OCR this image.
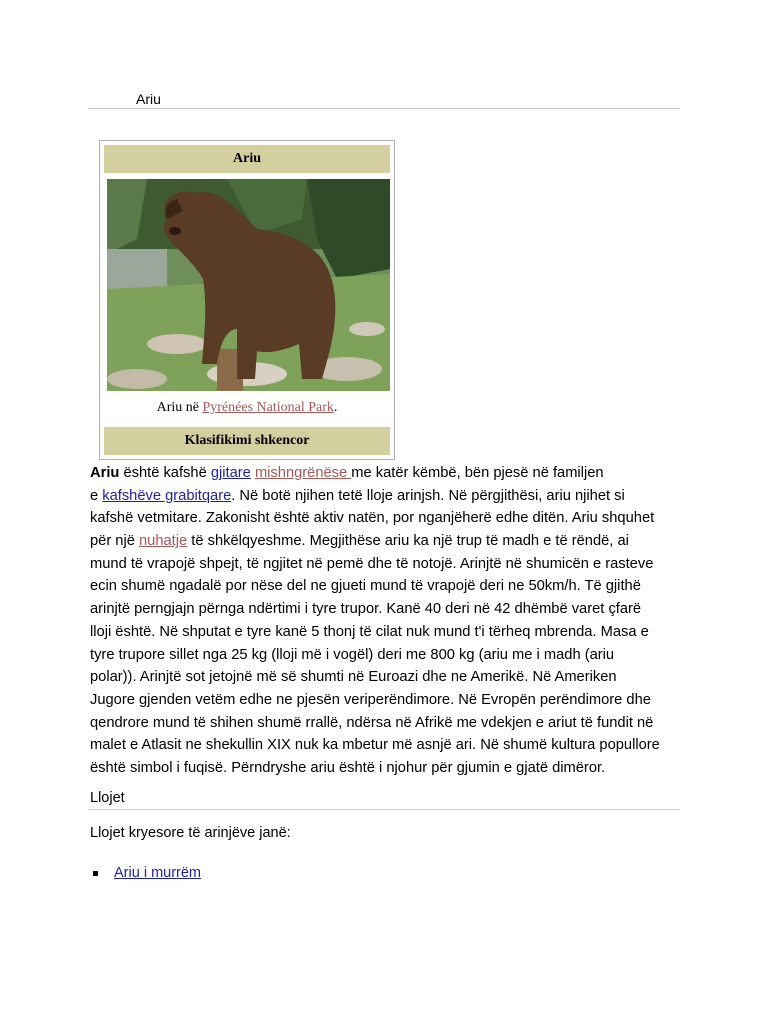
Ariu
Ariu
Ariu në Pyrénées National Park.
Klasifikimi shkencor
Ariu është kafshë gjitare mishngrënëse me katër këmbë, bën pjesë në familjen
e kafshëve grabitqare. Në botë njihen tetë lloje arinjsh. Në përgjithësi, ariu njihet si
kafshë vetmitare. Zakonisht është aktiv natën, por nganjëherë edhe ditën. Ariu shquhet
për një nuhatje të shkëlqyeshme. Megjithëse ariu ka një trup të madh e të rëndë, ai
mund të vrapojë shpejt, të ngjitet në pemë dhe të notojë. Arinjtë në shumicën e rasteve
ecin shumë ngadalë por nëse del ne gjueti mund të vrapojë deri ne 50km/h. Të gjithë
arinjtë perngjajn përnga ndërtimi i tyre trupor. Kanë 40 deri në 42 dhëmbë varet çfarë
lloji është. Në shputat e tyre kanë 5 thonj të cilat nuk mund t'i tërheq mbrenda. Masa e
tyre trupore sillet nga 25 kg (lloji më i vogël) deri me 800 kg (ariu me i madh (ariu
polar)). Arinjtë sot jetojnë më së shumti në Euroazi dhe ne Amerikë. Në Ameriken
Jugore gjenden vetëm edhe ne pjesën veriperëndimore. Në Evropën perëndimore dhe
qendrore mund të shihen shumë rrallë, ndërsa në Afrikë me vdekjen e ariut të fundit në
malet e Atlasit ne shekullin XIX nuk ka mbetur më asnjë ari. Në shumë kultura popullore
është simbol i fuqisë. Përndryshe ariu është i njohur për gjumin e gjatë dimëror.
Llojet
Llojet kryesore të arinjëve janë:
Ariu i murrëm
